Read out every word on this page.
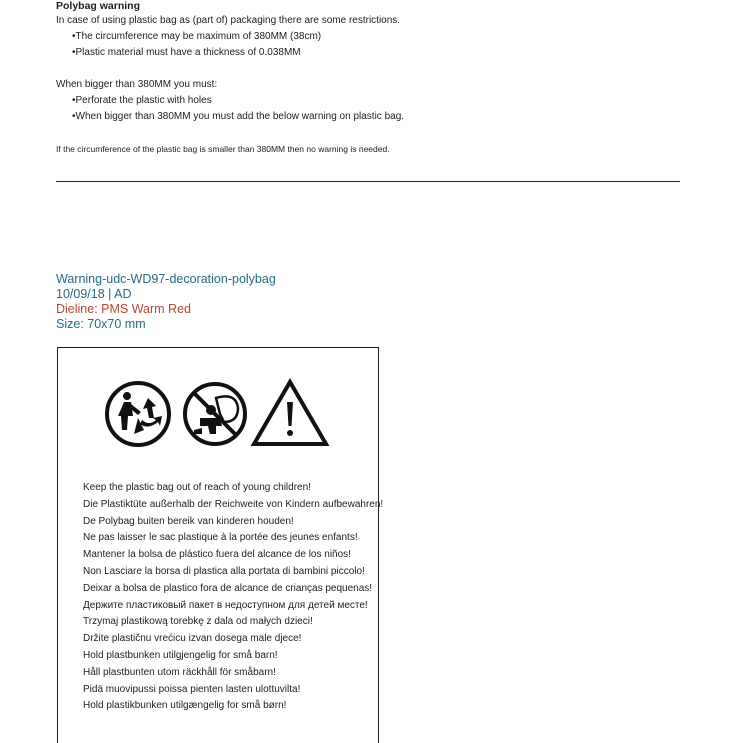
Polybag warning

In case of using plastic bag as (part of) packaging there are some restrictions.

• The circumference may be maximum of 380MM (38cm)
• Plastic material must have a thickness of 0.038MM

When bigger than 380MM you must:

• Perforate the plastic with holes
• When bigger than 380MM you must add the below warning on plastic bag.

If the circumference of the plastic bag is smaller than 380MM then no warning is needed.

Warning-udc-WD97-decoration-polybag
10/09/18 | AD
Dieline: PMS Warm Red
Size: 70x70 mm
Keep the plastic bag out of reach of young children!
Die Plastiktüte außerhalb der Reichweite von Kindern aufbewahren!
De Polybag buiten bereik van kinderen houden!
Ne pas laisser le sac plastique à la portée des jeunes enfants!
Mantener la bolsa de plástico fuera del alcance de los niños!
Non Lasciare la borsa di plastica alla portata di bambini piccolo!
Deixar a bolsa de plastico fora de alcance de crianças pequenas!
Держите пластиковый пакет в недоступном для детей месте!
Trzymaj plastikową torebkę z dala od małych dzieci!
Držite plastičnu vrećicu izvan dosega male djece!
Hold plastbunken utilgjengelig for små barn!
Håll plastbunten utom räckhåll för småbarn!
Pidä muovipussi poissa pienten lasten ulottuvilta!
Hold plastikbunken utilgængelig for små børn!
